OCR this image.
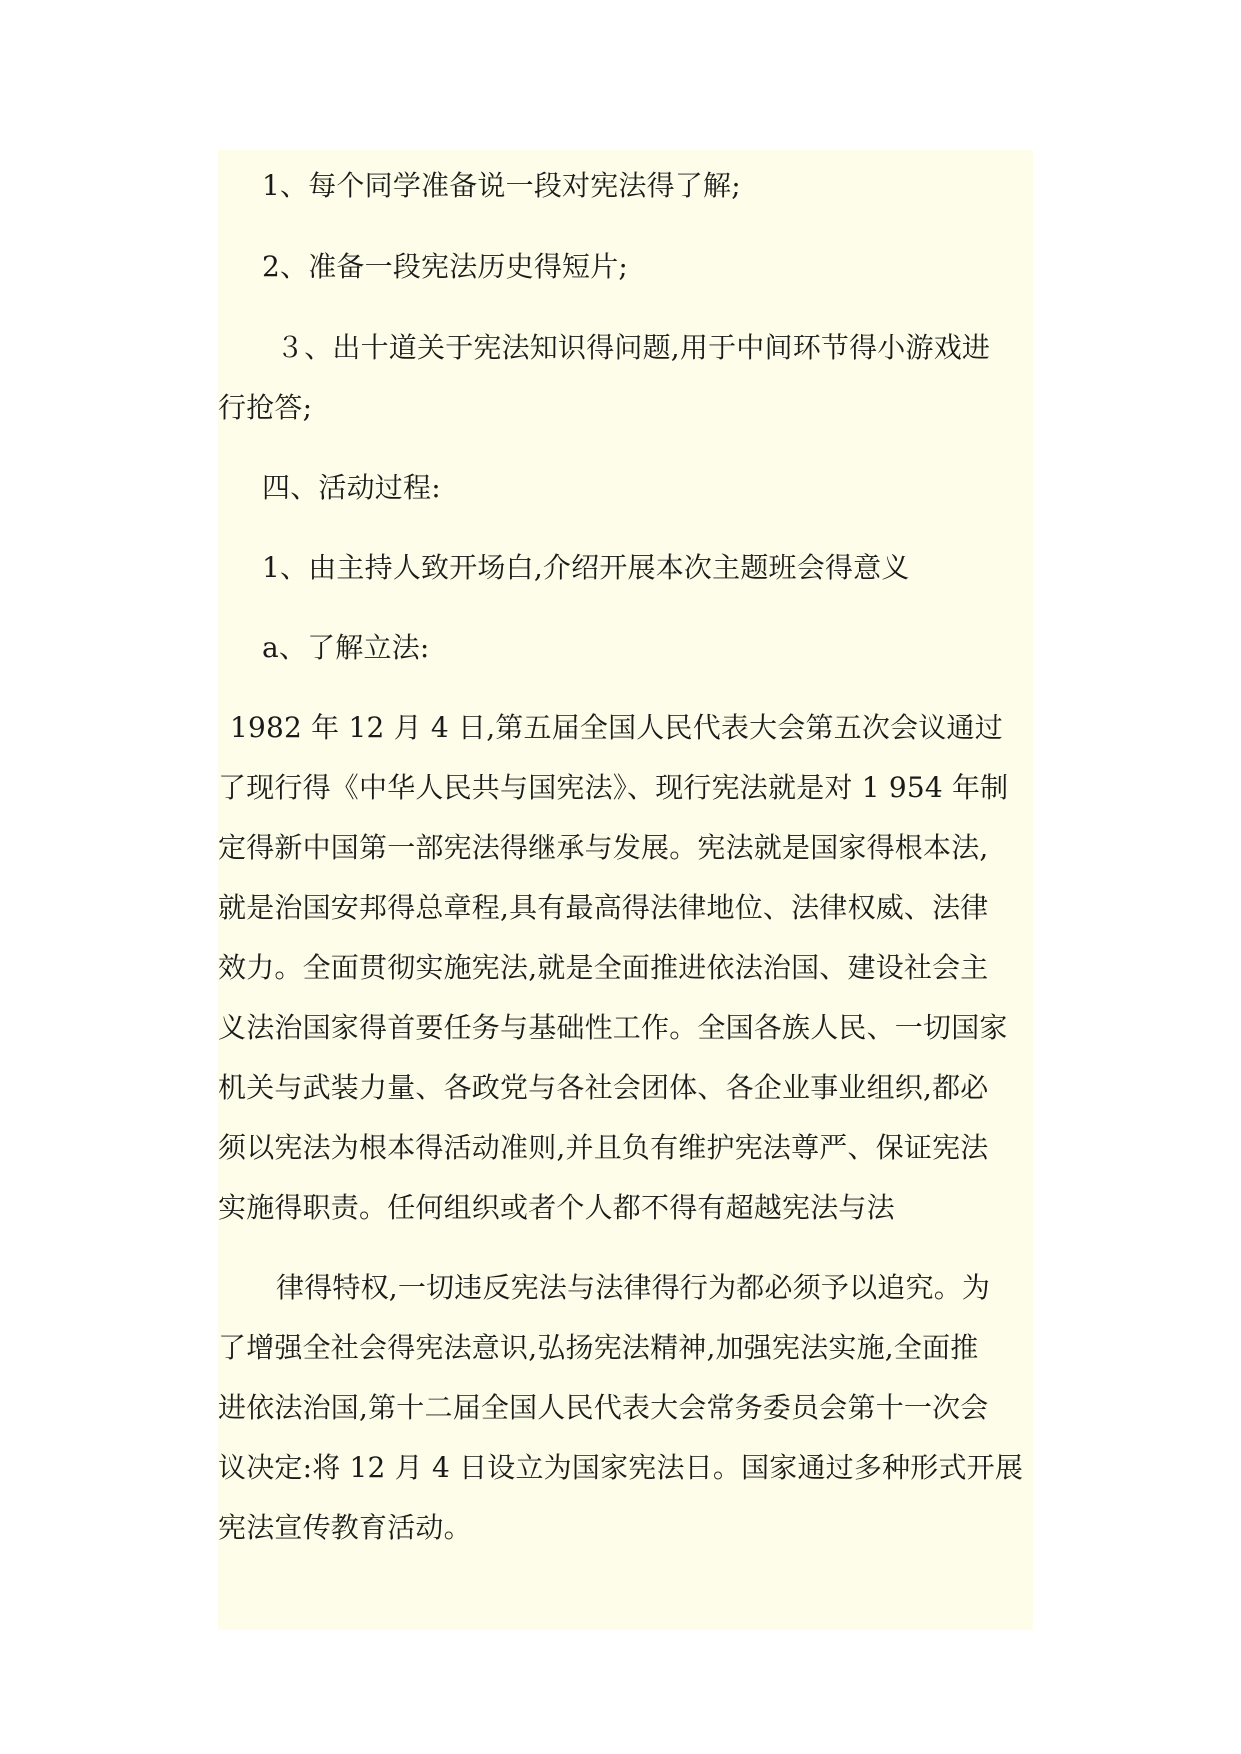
1、每个同学准备说一段对宪法得了解;
2、准备一段宪法历史得短片;
３、出十道关于宪法知识得问题,用于中间环节得小游戏进
行抢答;
四、活动过程:
1、由主持人致开场白,介绍开展本次主题班会得意义
a、了解立法:
1982 年 12 月 4 日,第五届全国人民代表大会第五次会议通过
了现行得《中华人民共与国宪法》、现行宪法就是对 1 954 年制
定得新中国第一部宪法得继承与发展。宪法就是国家得根本法,
就是治国安邦得总章程,具有最高得法律地位、法律权威、法律
效力。全面贯彻实施宪法,就是全面推进依法治国、建设社会主
义法治国家得首要任务与基础性工作。全国各族人民、一切国家
机关与武装力量、各政党与各社会团体、各企业事业组织,都必
须以宪法为根本得活动准则,并且负有维护宪法尊严、保证宪法
实施得职责。任何组织或者个人都不得有超越宪法与法
律得特权,一切违反宪法与法律得行为都必须予以追究。为
了增强全社会得宪法意识,弘扬宪法精神,加强宪法实施,全面推
进依法治国,第十二届全国人民代表大会常务委员会第十一次会
议决定:将 12 月 4 日设立为国家宪法日。国家通过多种形式开展
宪法宣传教育活动。
